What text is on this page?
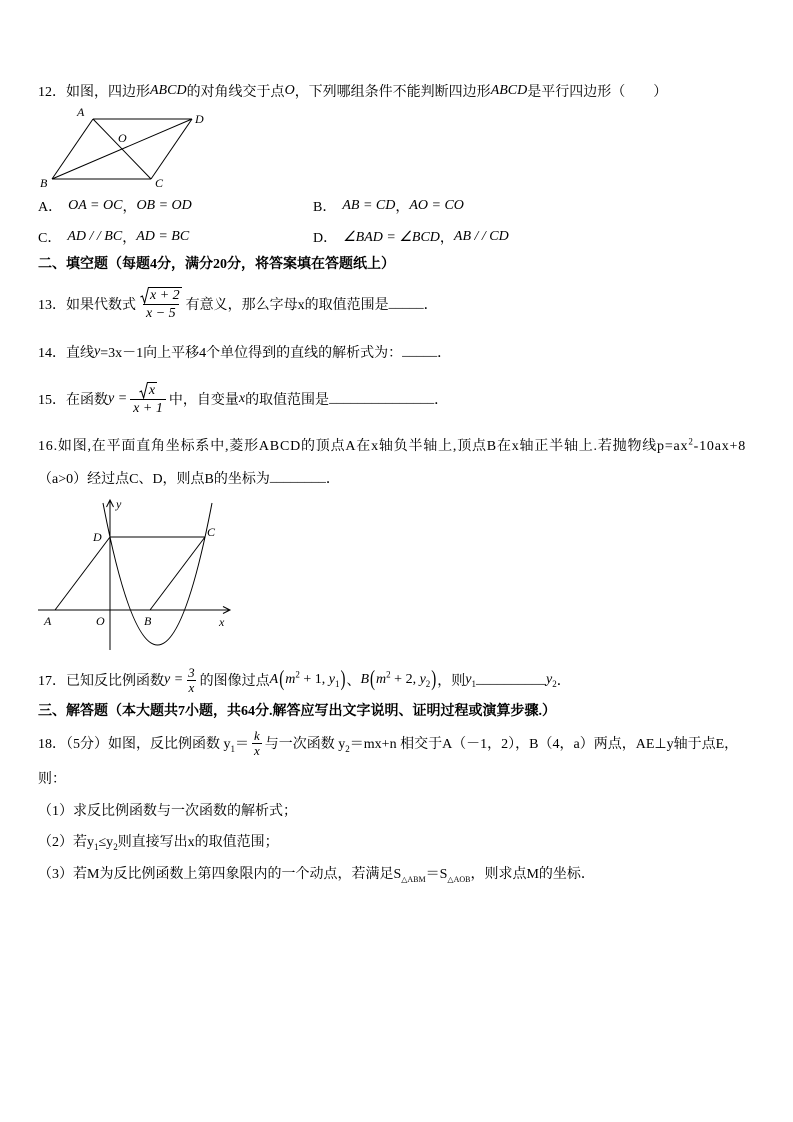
12． 如图，四边形 ABCD 的对角线交于点 O ，下列哪组条件不能判断四边形 ABCD 是平行四边形（　　）
A	D
O
B	C
A． OA = OC ， OB = OD	B． AB = CD ， AO = CO
C． AD / / BC ， AD = BC	D． ∠BAD = ∠BCD ， AB / / CD
二、填空题（每题4分，满分20分，将答案填在答题纸上）
13．如果代数式 $\frac{x + 2}{x - 5}$ 有意义，那么字母x的取值范围是 _____ ．
14．直线 y =3x－1向上平移4个单位得到的直线的解析式为： _____ ．
15．在函数 $y = \frac{x}{x + 1}$ 中，自变量 x 的取值范围是 _______________ ．
16.如图,在平面直角坐标系中,菱形ABCD的顶点A在x轴负半轴上,顶点B在x轴正半轴上.若抛物线$p=ax^2-10ax+8$
（a>0）经过点C、D，则点B的坐标为 ________ ．
y
D	C
A	O	B	x
17．已知反比例函数 $y = \frac{3}{x}$ 的图像过点 A ( $m^2 + 1$, $y_1$ ) 、 B ( $m^2 + 2$, $y_2$ ) ，则 $y_1$ __________ $y_2$ ．
三、解答题（本大题共7小题，共64分.解答应写出文字说明、证明过程或演算步骤.）
18．（5分）如图，反比例函数 $y_1= \frac{k}{x}$ 与一次函数 $y_2=mx+n$ 相交于A（－1，2），B（4，a）两点，AE⊥y轴于点E，
则：
（1）求反比例函数与一次函数的解析式；
（2）若$y_1\le y_2$则直接写出x的取值范围；
（3）若M为反比例函数上第四象限内的一个动点，若满足$S_{\triangle ABM}=S_{\triangle AOB}$，则求点M的坐标．
